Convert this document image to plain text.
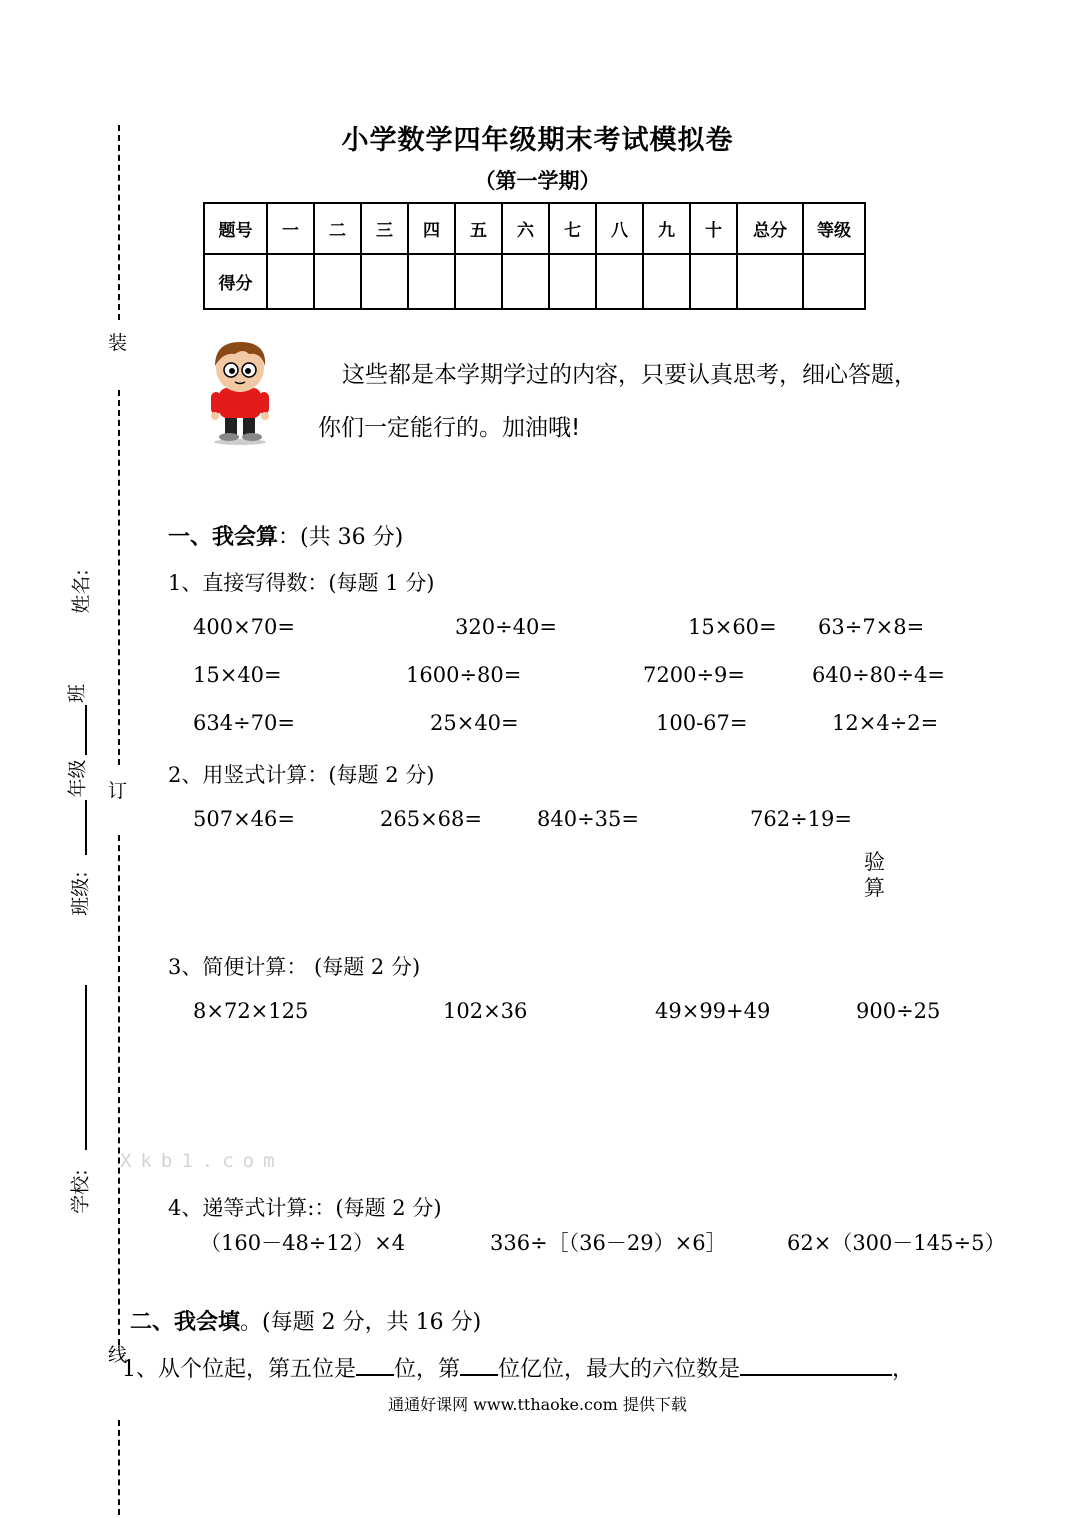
装
订
线
姓名:
班
年级
班级:
学校:
小学数学四年级期末考试模拟卷
（第一学期）
题号	一	二	三	四	五	六	七	八	九	十	总分	等级
得分												
这些都是本学期学过的内容，只要认真思考，细心答题，
你们一定能行的。加油哦!
一、我会算：(共 36 分)
1、直接写得数：(每题 1 分)
400×70=	320÷40=	15×60= 63÷7×8=
15×40=	1600÷80=	7200÷9=	640÷80÷4=
634÷70=	25×40=	100-67=	12×4÷2=
2、用竖式计算：(每题 2 分)
507×46=	265×68=	840÷35=	762÷19=
验
算
3、简便计算： (每题 2 分)
8×72×125	102×36	49×99+49	900÷25
Xkb1.com
4、递等式计算:：(每题 2 分)
（160－48÷12）×4	336÷［（36－29）×6］	62×（300－145÷5）
二、我会填。(每题 2 分，共 16 分)
1、从个位起，第五位是 位，第 位亿位，最大的六位数是	，
通通好课网 www.tthaoke.com 提供下载
